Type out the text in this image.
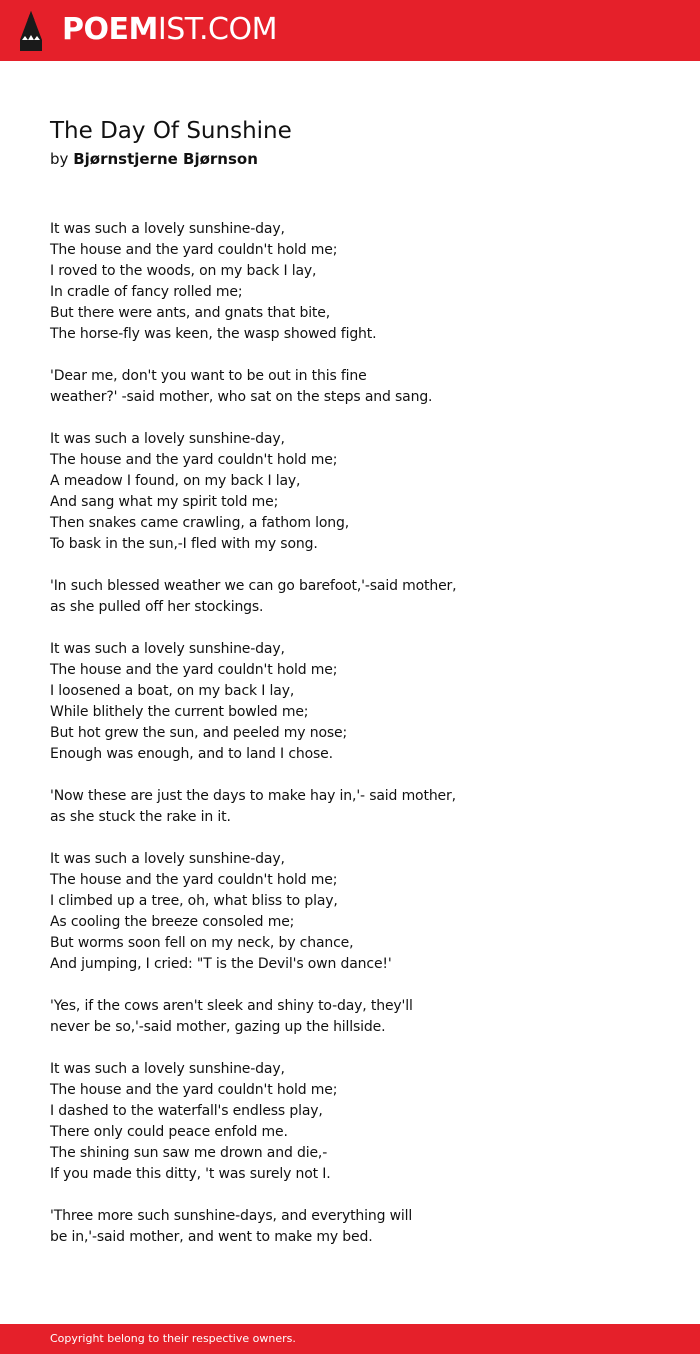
POEMIST.COM
The Day Of Sunshine
by Bjørnstjerne Bjørnson
It was such a lovely sunshine-day,
The house and the yard couldn't hold me;
I roved to the woods, on my back I lay,
In cradle of fancy rolled me;
But there were ants, and gnats that bite,
The horse-fly was keen, the wasp showed fight.
'Dear me, don't you want to be out in this fine
weather?' -said mother, who sat on the steps and sang.
It was such a lovely sunshine-day,
The house and the yard couldn't hold me;
A meadow I found, on my back I lay,
And sang what my spirit told me;
Then snakes came crawling, a fathom long,
To bask in the sun,-I fled with my song.
'In such blessed weather we can go barefoot,'-said mother,
as she pulled off her stockings.
It was such a lovely sunshine-day,
The house and the yard couldn't hold me;
I loosened a boat, on my back I lay,
While blithely the current bowled me;
But hot grew the sun, and peeled my nose;
Enough was enough, and to land I chose.
'Now these are just the days to make hay in,'- said mother,
as she stuck the rake in it.
It was such a lovely sunshine-day,
The house and the yard couldn't hold me;
I climbed up a tree, oh, what bliss to play,
As cooling the breeze consoled me;
But worms soon fell on my neck, by chance,
And jumping, I cried: "T is the Devil's own dance!'
'Yes, if the cows aren't sleek and shiny to-day, they'll
never be so,'-said mother, gazing up the hillside.
It was such a lovely sunshine-day,
The house and the yard couldn't hold me;
I dashed to the waterfall's endless play,
There only could peace enfold me.
The shining sun saw me drown and die,-
If you made this ditty, 't was surely not I.
'Three more such sunshine-days, and everything will
be in,'-said mother, and went to make my bed.
Copyright belong to their respective owners.
